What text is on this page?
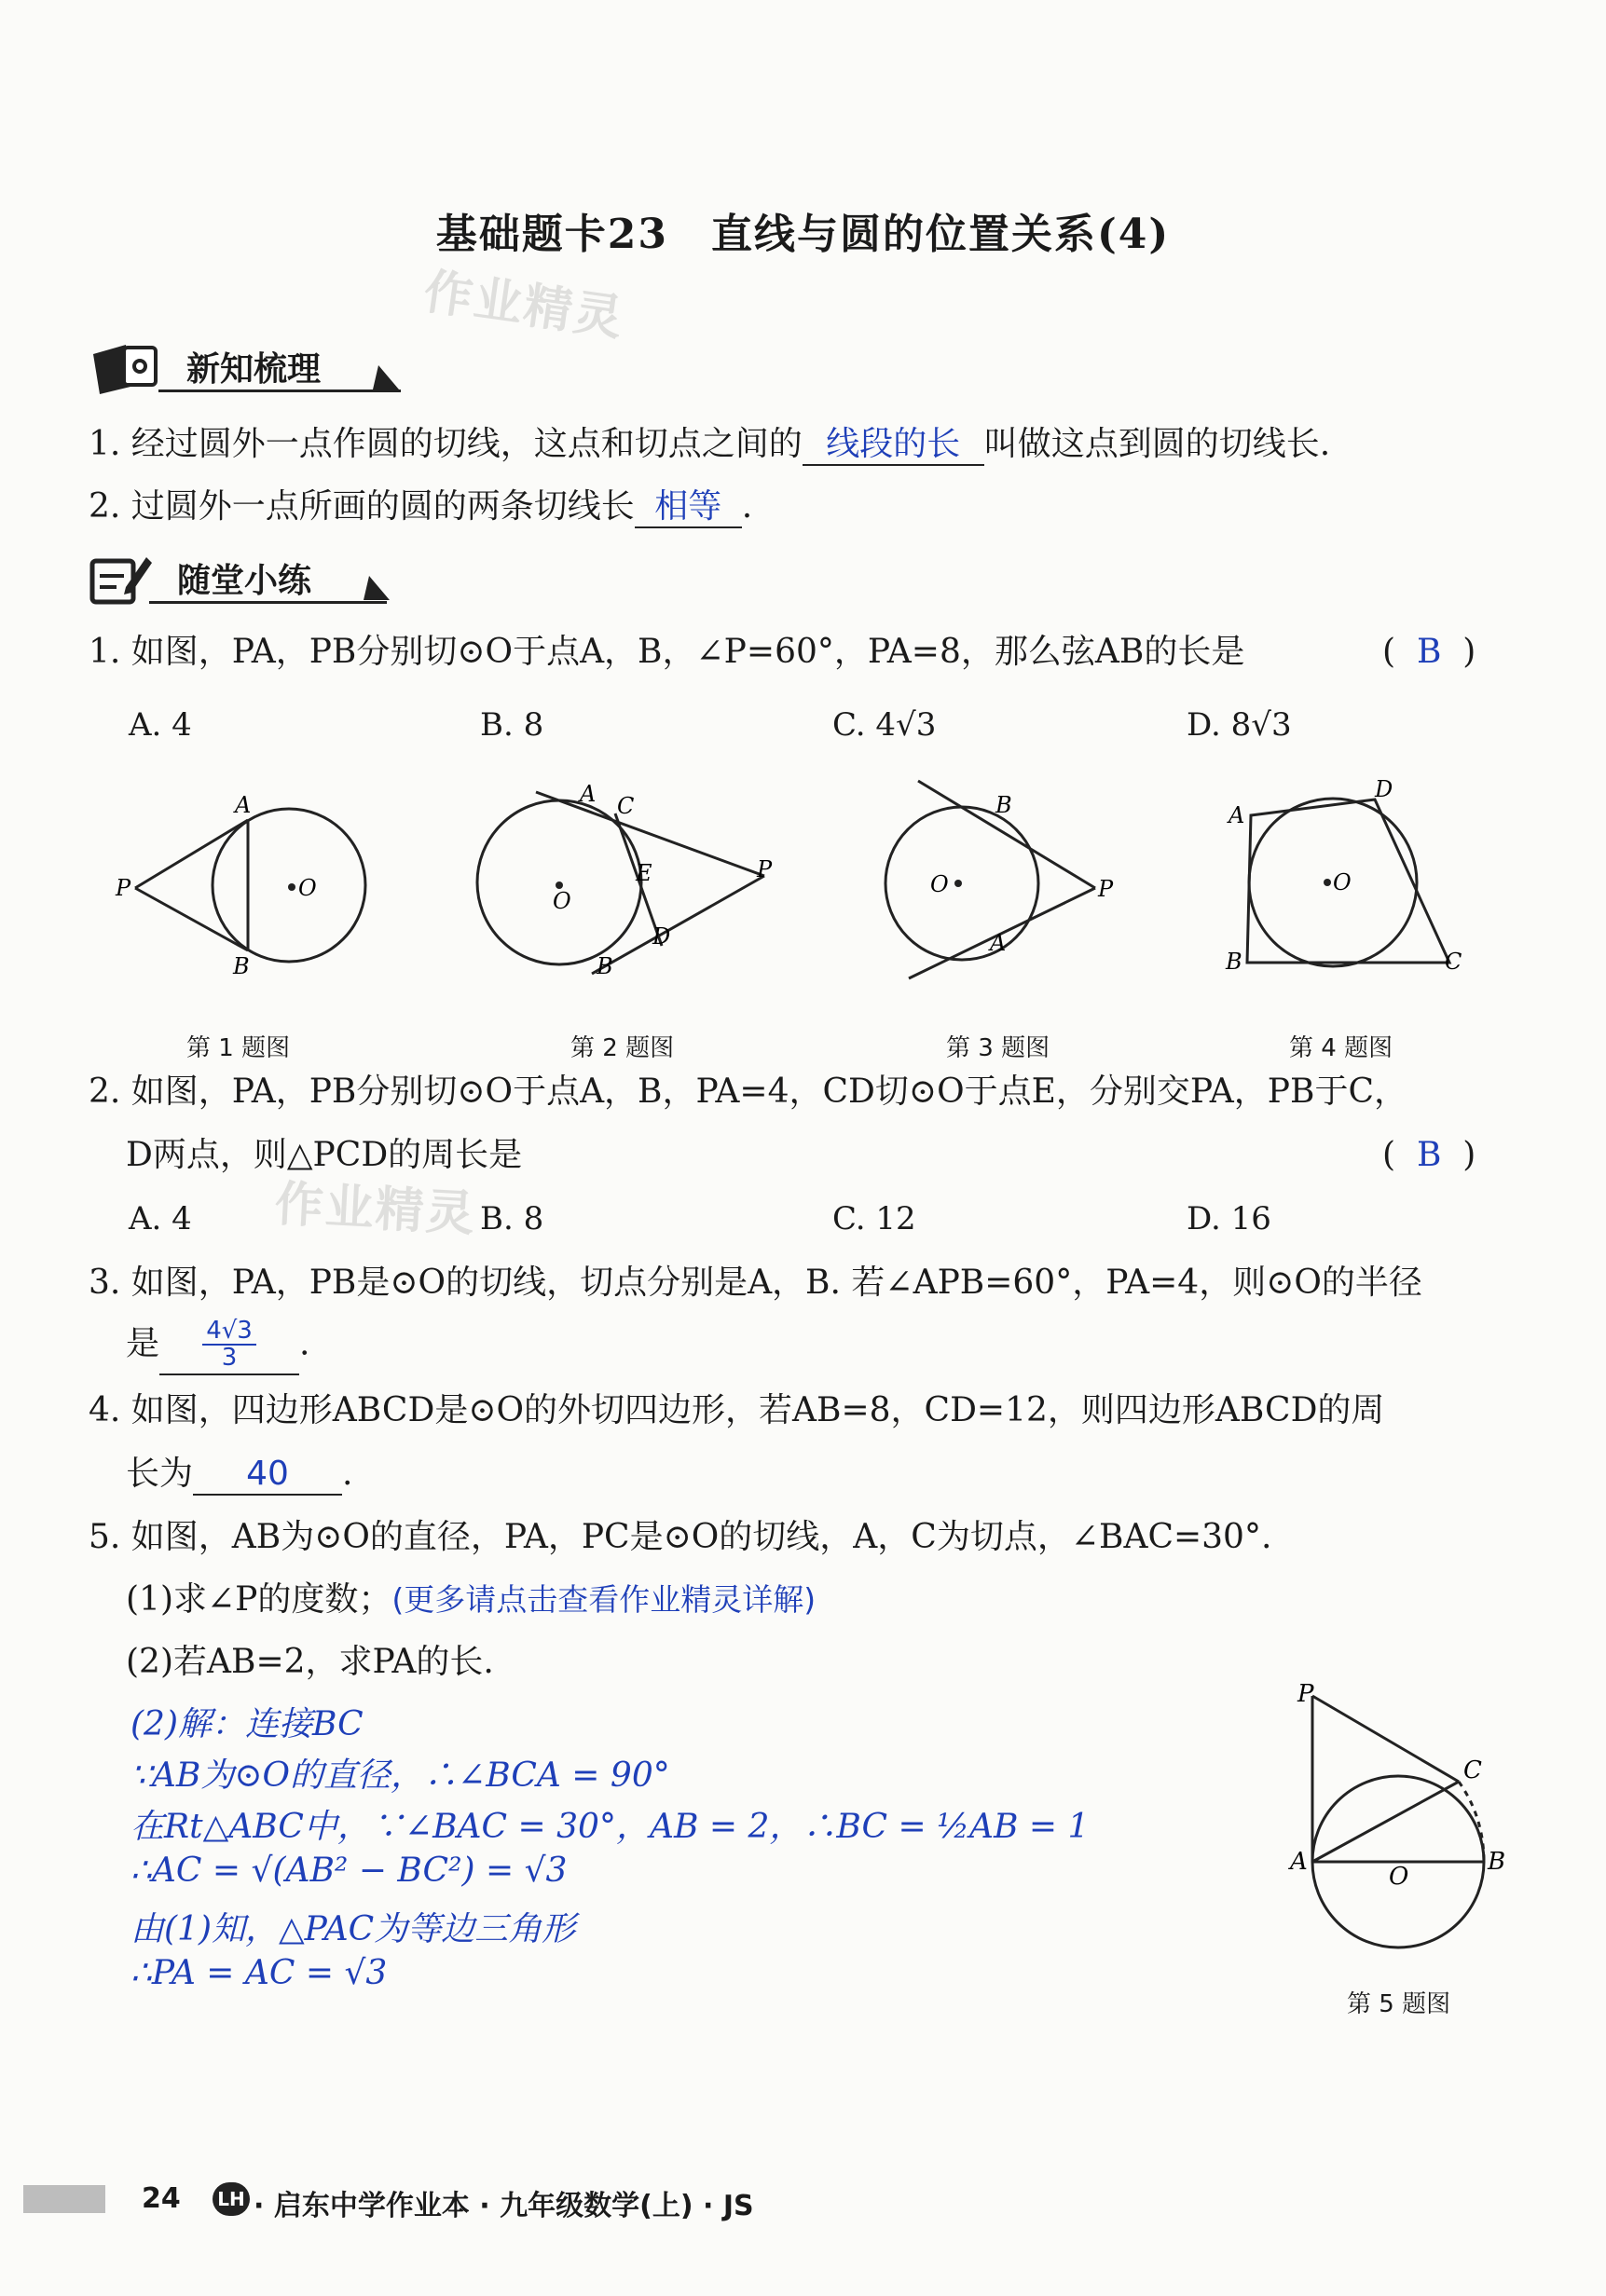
基础题卡23　直线与圆的位置关系(4)
作业精灵
新知梳理
1. 经过圆外一点作圆的切线，这点和切点之间的 线段的长 叫做这点到圆的切线长.
2. 过圆外一点所画的圆的两条切线长 相等 .
随堂小练
1. 如图，PA，PB分别切⊙O于点A，B，∠P=60°，PA=8，那么弦AB的长是	(  B  )
A. 4	B. 8	C. 4√3	D. 8√3
A
B
P	O
A C
E	P
O
D
B
B
O	P
A
D
A
O
B	C
第 1 题图	第 2 题图	第 3 题图	第 4 题图
2. 如图，PA，PB分别切⊙O于点A，B，PA=4，CD切⊙O于点E，分别交PA，PB于C，
D两点，则△PCD的周长是	(  B  )
作业精灵
A. 4	B. 8	C. 12	D. 16
3. 如图，PA，PB是⊙O的切线，切点分别是A，B. 若∠APB=60°，PA=4，则⊙O的半径
是 $\frac{4√3}{3}$ .
4. 如图，四边形ABCD是⊙O的外切四边形，若AB=8，CD=12，则四边形ABCD的周
长为 40 .
5. 如图，AB为⊙O的直径，PA，PC是⊙O的切线，A，C为切点，∠BAC=30°.
(1)求∠P的度数；(更多请点击查看作业精灵详解)
(2)若AB=2，求PA的长.
(2)解：连接BC
∵AB为⊙O的直径，∴∠BCA = 90°
在Rt△ABC中，∵∠BAC = 30°，AB = 2，∴BC = ½AB = 1
∴AC = √(AB² − BC²) = √3
由(1)知，△PAC为等边三角形
∴PA = AC = √3
P
C
A
O
B
第 5 题图
24 LH · 启东中学作业本 · 九年级数学(上) · JS
